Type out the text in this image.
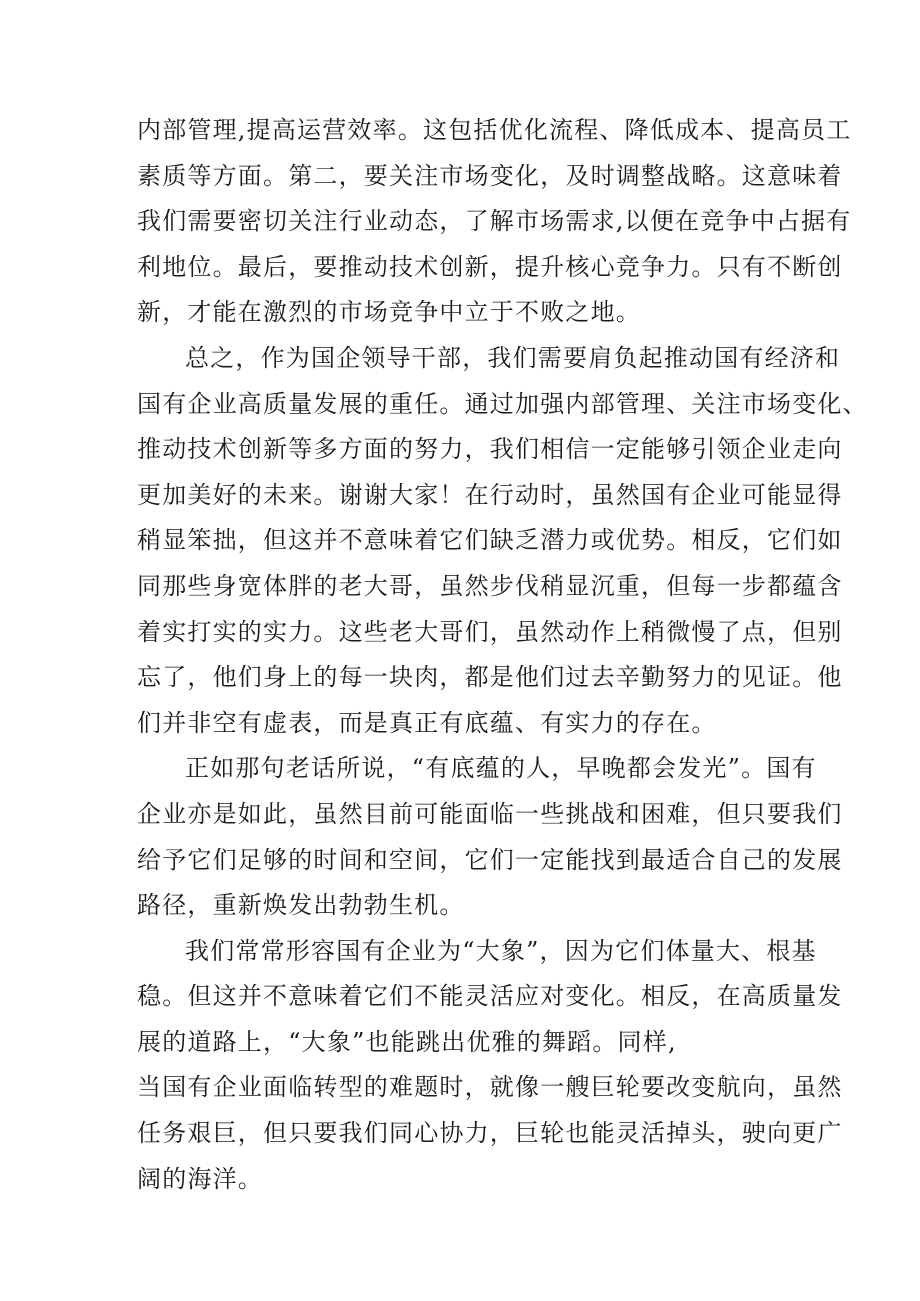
内部管理,提高运营效率。这包括优化流程、降低成本、提高员工
素质等方面。第二，要关注市场变化，及时调整战略。这意味着
我们需要密切关注行业动态，了解市场需求,以便在竞争中占据有
利地位。最后，要推动技术创新，提升核心竞争力。只有不断创
新，才能在激烈的市场竞争中立于不败之地。

总之，作为国企领导干部，我们需要肩负起推动国有经济和
国有企业高质量发展的重任。通过加强内部管理、关注市场变化、
推动技术创新等多方面的努力，我们相信一定能够引领企业走向
更加美好的未来。谢谢大家！在行动时，虽然国有企业可能显得
稍显笨拙，但这并不意味着它们缺乏潜力或优势。相反，它们如
同那些身宽体胖的老大哥，虽然步伐稍显沉重，但每一步都蕴含
着实打实的实力。这些老大哥们，虽然动作上稍微慢了点，但别
忘了，他们身上的每一块肉，都是他们过去辛勤努力的见证。他
们并非空有虚表，而是真正有底蕴、有实力的存在。

正如那句老话所说，“有底蕴的人，早晚都会发光”。国有
企业亦是如此，虽然目前可能面临一些挑战和困难，但只要我们
给予它们足够的时间和空间，它们一定能找到最适合自己的发展
路径，重新焕发出勃勃生机。

我们常常形容国有企业为“大象”，因为它们体量大、根基
稳。但这并不意味着它们不能灵活应对变化。相反，在高质量发
展的道路上，“大象”也能跳出优雅的舞蹈。同样,
当国有企业面临转型的难题时，就像一艘巨轮要改变航向，虽然
任务艰巨，但只要我们同心协力，巨轮也能灵活掉头，驶向更广
阔的海洋。
